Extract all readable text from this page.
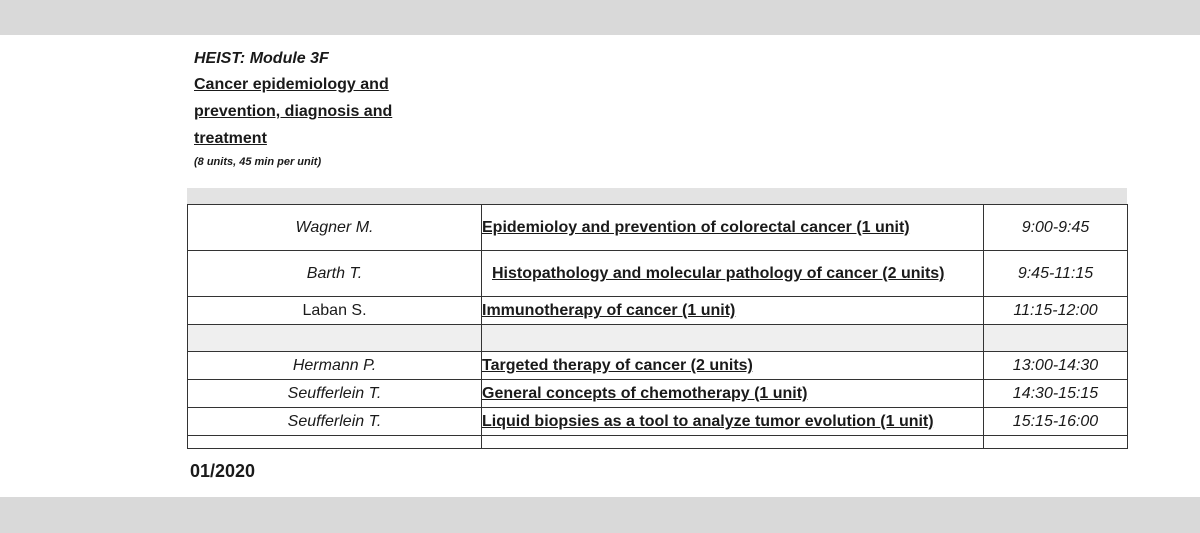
HEIST: Module 3F

Cancer epidemiology and prevention, diagnosis and treatment

(8 units, 45 min per unit)

Wagner M.	Epidemioloy and prevention of colorectal cancer (1 unit)	9:00-9:45
Barth T.	Histopathology and molecular pathology of cancer (2 units)	9:45-11:15
Laban S.	Immunotherapy of cancer (1 unit)	11:15-12:00

Hermann P.	Targeted therapy of cancer (2 units)	13:00-14:30
Seufferlein T.	General concepts of chemotherapy (1 unit)	14:30-15:15
Seufferlein T.	Liquid biopsies as a tool to analyze tumor evolution (1 unit)	15:15-16:00

01/2020
